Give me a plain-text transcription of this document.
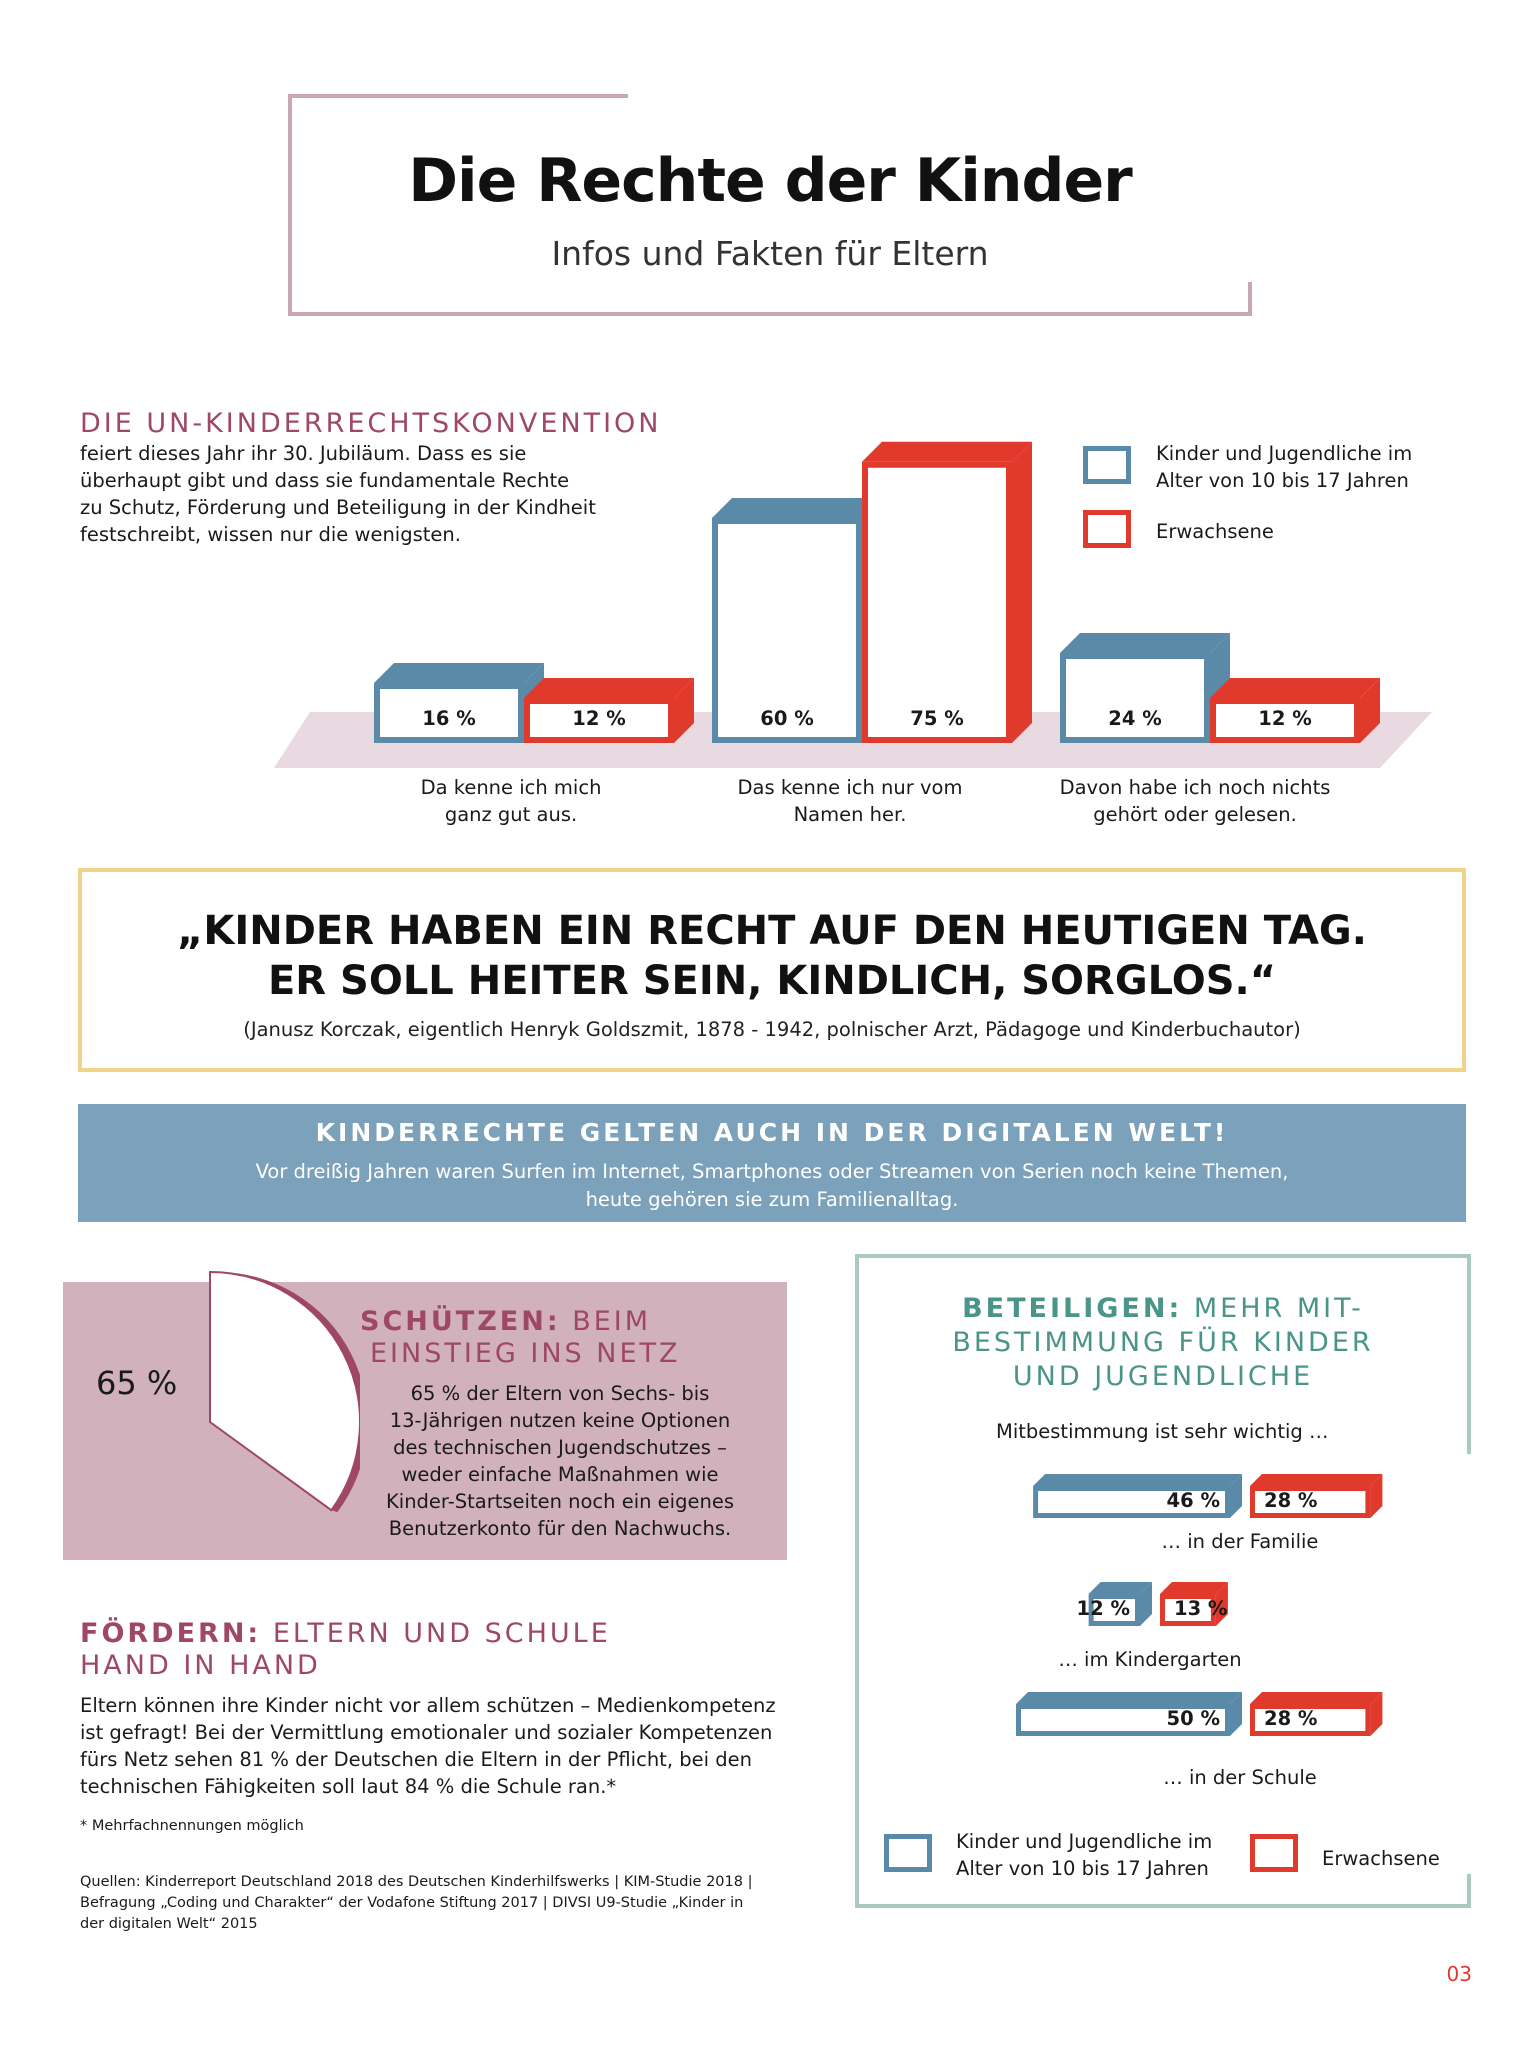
Die Rechte der Kinder
Infos und Fakten für Eltern
DIE UN-KINDERRECHTSKONVENTION
feiert dieses Jahr ihr 30. Jubiläum. Dass es sie
überhaupt gibt und dass sie fundamentale Rechte
zu Schutz, Förderung und Beteiligung in der Kindheit
festschreibt, wissen nur die wenigsten.
Kinder und Jugendliche im
Alter von 10 bis 17 Jahren
Erwachsene
16 %	60 %	24 %
12 %	75 %	12 %
Da kenne ich mich
ganz gut aus.
Das kenne ich nur vom
Namen her.
Davon habe ich noch nichts
gehört oder gelesen.
„KINDER HABEN EIN RECHT AUF DEN HEUTIGEN TAG.
ER SOLL HEITER SEIN, KINDLICH, SORGLOS.“
(Janusz Korczak, eigentlich Henryk Goldszmit, 1878 - 1942, polnischer Arzt, Pädagoge und Kinderbuchautor)
KINDERRECHTE GELTEN AUCH IN DER DIGITALEN WELT!
Vor dreißig Jahren waren Surfen im Internet, Smartphones oder Streamen von Serien noch keine Themen,
heute gehören sie zum Familienalltag.
65 %
SCHÜTZEN: BEIM
EINSTIEG INS NETZ
65 % der Eltern von Sechs- bis
13-Jährigen nutzen keine Optionen
des technischen Jugendschutzes –
weder einfache Maßnahmen wie
Kinder-Startseiten noch ein eigenes
Benutzerkonto für den Nachwuchs.
FÖRDERN: ELTERN UND SCHULE
HAND IN HAND
Eltern können ihre Kinder nicht vor allem schützen – Medienkompetenz
ist gefragt! Bei der Vermittlung emotionaler und sozialer Kompetenzen
fürs Netz sehen 81 % der Deutschen die Eltern in der Pflicht, bei den
technischen Fähigkeiten soll laut 84 % die Schule ran.*
* Mehrfachnennungen möglich
Quellen: Kinderreport Deutschland 2018 des Deutschen Kinderhilfswerks | KIM-Studie 2018 |
Befragung „Coding und Charakter“ der Vodafone Stiftung 2017 | DIVSI U9-Studie „Kinder in
der digitalen Welt“ 2015
BETEILIGEN: MEHR MIT-
BESTIMMUNG FÜR KINDER
UND JUGENDLICHE
Mitbestimmung ist sehr wichtig …
46 % 28 %
… in der Familie
12 % 13 %
… im Kindergarten
50 % 28 %
… in der Schule
Kinder und Jugendliche im
Alter von 10 bis 17 Jahren	Erwachsene
03
